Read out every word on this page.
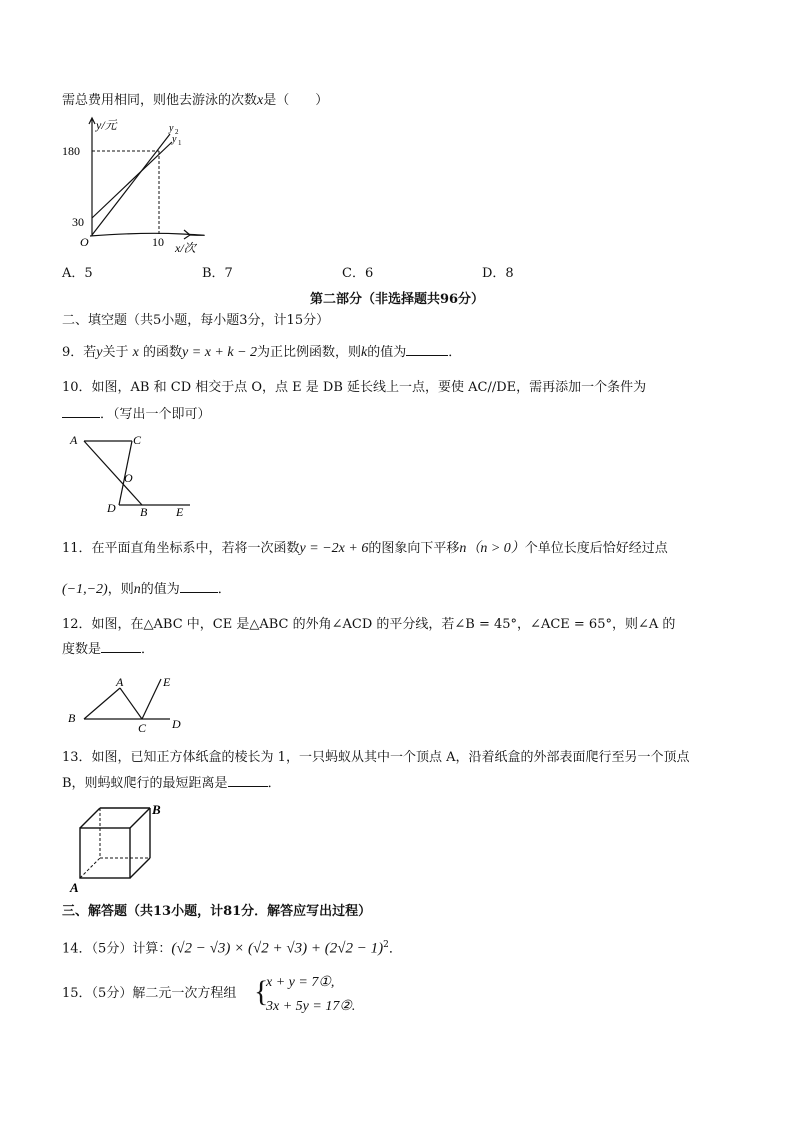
需总费用相同，则他去游泳的次数x是（　　）
y/元
180
30
O	10 x/次
y 2
y 1
A．5	B．7	C．6	D．8
第二部分（非选择题共96分）
二、填空题（共5小题，每小题3分，计15分）
9．若y关于 x 的函数y = x + k − 2为正比例函数，则k的值为	．
10．如图，AB 和 CD 相交于点 O，点 E 是 DB 延长线上一点，要使 AC//DE，需再添加一个条件为
．（写出一个即可）
A	C
O
D B E
11．在平面直角坐标系中，若将一次函数y = −2x + 6的图象向下平移n（n > 0）个单位长度后恰好经过点
(−1,−2)，则n的值为	．
12．如图，在△ABC 中，CE 是△ABC 的外角∠ACD 的平分线，若∠B = 45°，∠ACE = 65°，则∠A 的
度数是	．
A	E
B
C D
13．如图，已知正方体纸盒的棱长为 1，一只蚂蚁从其中一个顶点 A，沿着纸盒的外部表面爬行至另一个顶点
B，则蚂蚁爬行的最短距离是	．
B
A
三、解答题（共13小题，计81分．解答应写出过程）
14．（5分）计算：$(√2 - √3) \times (√2 + √3) + (2√2 - 1)^2$．
15．（5分）解二元一次方程组 {
x + y = 7①,
3x + 5y = 17②.
